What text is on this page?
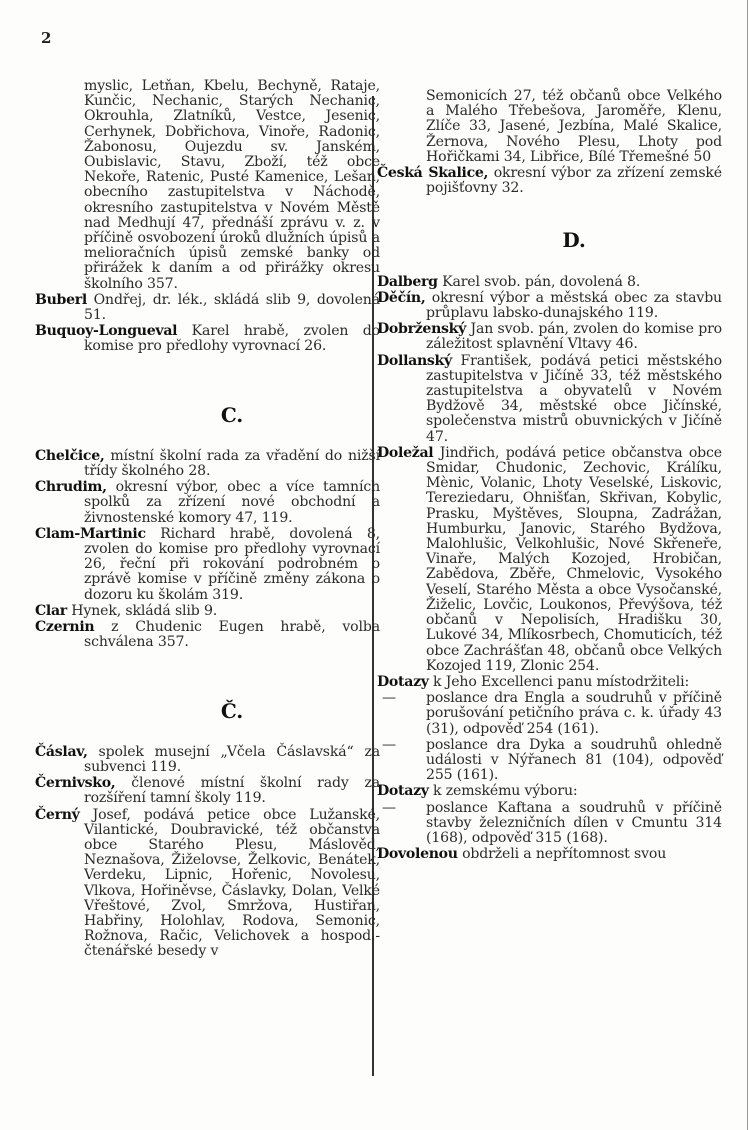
2

myslic, Letňan, Kbelu, Bechyně, Rataje, Kunčic, Nechanic, Starých Nechanic, Okrouhla, Zlatníků, Vestce, Jesenic, Cerhynek, Dobřichova, Vinoře, Radonic, Žabonosu, Oujezdu sv. Janském, Oubislavic, Stavu, Zboží, též obce Nekoře, Ratenic, Pusté Kamenice, Lešan, obecního zastupitelstva v Náchodě, okresního zastupitelstva v Novém Městě nad Medhují 47, přednáší zprávu v. z. v příčině osvobození úroků dlužních úpisů a melioračních úpisů zemské banky od přirážek k daním a od přirážky okresu školního 357.

Buberl Ondřej, dr. lék., skládá slib 9, dovolená 51.

Buquoy-Longueval Karel hrabě, zvolen do komise pro předlohy vyrovnací 26.

C.

Chelčice, místní školní rada za vřadění do nižší třídy školného 28.

Chrudim, okresní výbor, obec a více tamních spolků za zřízení nové obchodní a živnostenské komory 47, 119.

Clam-Martinic Richard hrabě, dovolená 8, zvolen do komise pro předlohy vyrovnací 26, řeční při rokování podrobném o zprávě komise v příčině změny zákona o dozoru ku školám 319.

Clar Hynek, skládá slib 9.

Czernin z Chudenic Eugen hrabě, volba schválena 357.

Č.

Čáslav, spolek musejní „Včela Čáslavská“ za subvenci 119.

Černivsko, členové místní školní rady za rozšíření tamní školy 119.

Černý Josef, podává petice obce Lužanské, Vilantické, Doubravické, též občanstva obce Starého Plesu, Máslověd, Neznašova, Žiželovse, Želkovic, Benátek, Verdeku, Lipnic, Hořenic, Novolesu, Vlkova, Hořiněvse, Čáslavky, Dolan, Velké Vřeštové, Zvol, Smržova, Hustiřan, Habřiny, Holohlav, Rodova, Semonic, Rožnova, Račic, Velichovek a hospod.-čtenářské besedy v

Semonicích 27, též občanů obce Velkého a Malého Třebešova, Jaroměře, Klenu, Zlíče 33, Jasené, Jezbína, Malé Skalice, Žernova, Nového Plesu, Lhoty pod Hořičkami 34, Libřice, Bílé Třemešné 50

Česká Skalice, okresní výbor za zřízení zemské pojišťovny 32.

D.

Dalberg Karel svob. pán, dovolená 8.

Děčín, okresní výbor a městská obec za stavbu průplavu labsko-dunajského 119.

Dobrženský Jan svob. pán, zvolen do komise pro záležitost splavnění Vltavy 46.

Dollanský František, podává petici městského zastupitelstva v Jičíně 33, též městského zastupitelstva a obyvatelů v Novém Bydžově 34, městské obce Jičínské, společenstva mistrů obuvnických v Jičíně 47.

Doležal Jindřich, podává petice občanstva obce Smidar, Chudonic, Zechovic, Králíku, Mènic, Volanic, Lhoty Veselské, Liskovic, Tereziedaru, Ohnišťan, Skřivan, Kobylic, Prasku, Myštěves, Sloupna, Zadrážan, Humburku, Janovic, Starého Bydžova, Malohlušic, Velkohlušic, Nové Skřeneře, Vinaře, Malých Kozojed, Hrobičan, Zabědova, Zběře, Chmelovic, Vysokého Veselí, Starého Města a obce Vysočanské, Žiželic, Lovčic, Loukonos, Převýšova, též občanů v Nepolisích, Hradišku 30, Lukové 34, Mlíkosrbech, Chomuticích, též obce Zachrášťan 48, občanů obce Velkých Kozojed 119, Zlonic 254.

Dotazy k Jeho Excellenci panu místodržiteli:

— poslance dra Engla a soudruhů v příčině porušování petičního práva c. k. úřady 43 (31), odpověď 254 (161).

— poslance dra Dyka a soudruhů ohledně události v Nýřanech 81 (104), odpověď 255 (161).

Dotazy k zemskému výboru:

— poslance Kaftana a soudruhů v příčině stavby železničních dílen v Cmuntu 314 (168), odpověď 315 (168).

Dovolenou obdrželi a nepřítomnost svou
